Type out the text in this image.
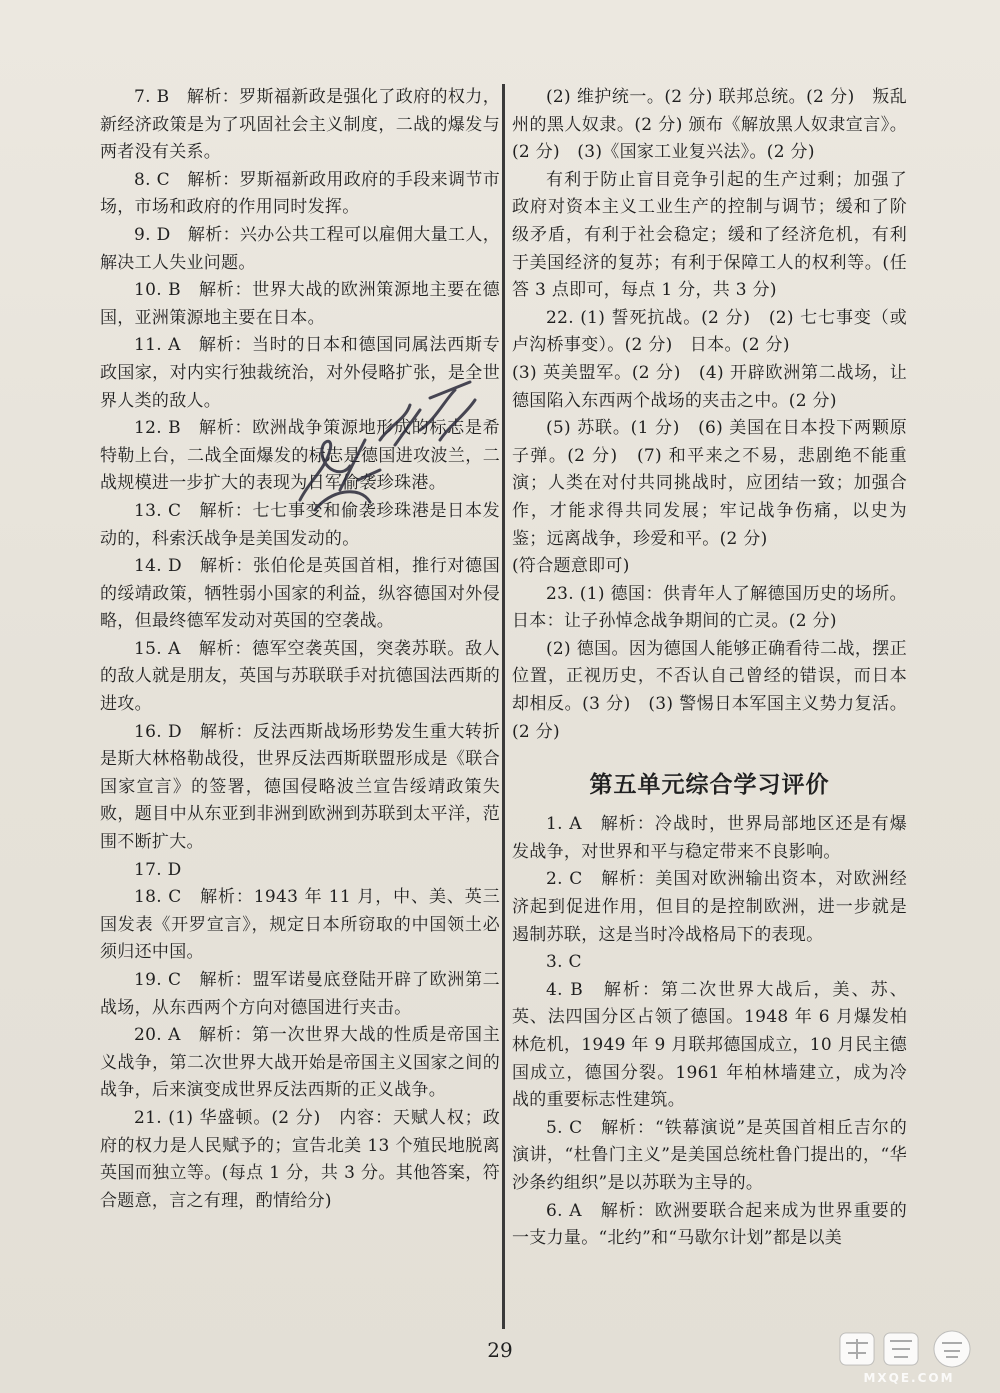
7. B　解析：罗斯福新政是强化了政府的权力，新经济政策是为了巩固社会主义制度，二战的爆发与两者没有关系。

8. C　解析：罗斯福新政用政府的手段来调节市场，市场和政府的作用同时发挥。

9. D　解析：兴办公共工程可以雇佣大量工人，解决工人失业问题。

10. B　解析：世界大战的欧洲策源地主要在德国，亚洲策源地主要在日本。

11. A　解析：当时的日本和德国同属法西斯专政国家，对内实行独裁统治，对外侵略扩张，是全世界人类的敌人。

12. B　解析：欧洲战争策源地形成的标志是希特勒上台，二战全面爆发的标志是德国进攻波兰，二战规模进一步扩大的表现为日军偷袭珍珠港。

13. C　解析：七七事变和偷袭珍珠港是日本发动的，科索沃战争是美国发动的。

14. D　解析：张伯伦是英国首相，推行对德国的绥靖政策，牺牲弱小国家的利益，纵容德国对外侵略，但最终德军发动对英国的空袭战。

15. A　解析：德军空袭英国，突袭苏联。敌人的敌人就是朋友，英国与苏联联手对抗德国法西斯的进攻。

16. D　解析：反法西斯战场形势发生重大转折是斯大林格勒战役，世界反法西斯联盟形成是《联合国家宣言》的签署，德国侵略波兰宣告绥靖政策失败，题目中从东亚到非洲到欧洲到苏联到太平洋，范围不断扩大。

17. D

18. C　解析：1943 年 11 月，中、美、英三国发表《开罗宣言》，规定日本所窃取的中国领土必须归还中国。

19. C　解析：盟军诺曼底登陆开辟了欧洲第二战场，从东西两个方向对德国进行夹击。

20. A　解析：第一次世界大战的性质是帝国主义战争，第二次世界大战开始是帝国主义国家之间的战争，后来演变成世界反法西斯的正义战争。

21. (1) 华盛顿。(2 分)　内容：天赋人权；政府的权力是人民赋予的；宣告北美 13 个殖民地脱离英国而独立等。(每点 1 分，共 3 分。其他答案，符合题意，言之有理，酌情给分)

(2) 维护统一。(2 分) 联邦总统。(2 分)　叛乱州的黑人奴隶。(2 分) 颁布《解放黑人奴隶宣言》。(2 分)　(3)《国家工业复兴法》。(2 分)

有利于防止盲目竞争引起的生产过剩；加强了政府对资本主义工业生产的控制与调节；缓和了阶级矛盾，有利于社会稳定；缓和了经济危机，有利于美国经济的复苏；有利于保障工人的权利等。(任答 3 点即可，每点 1 分，共 3 分)

22. (1) 誓死抗战。(2 分)　(2) 七七事变（或卢沟桥事变）。(2 分)　日本。(2 分)

(3) 英美盟军。(2 分)　(4) 开辟欧洲第二战场，让德国陷入东西两个战场的夹击之中。(2 分)

(5) 苏联。(1 分)　(6) 美国在日本投下两颗原子弹。(2 分)　(7) 和平来之不易，悲剧绝不能重演；人类在对付共同挑战时，应团结一致；加强合作，才能求得共同发展；牢记战争伤痛，以史为鉴；远离战争，珍爱和平。(2 分)

(符合题意即可)

23. (1) 德国：供青年人了解德国历史的场所。日本：让子孙悼念战争期间的亡灵。(2 分)

(2) 德国。因为德国人能够正确看待二战，摆正位置，正视历史，不否认自己曾经的错误，而日本却相反。(3 分)　(3) 警惕日本军国主义势力复活。(2 分)

第五单元综合学习评价

1. A　解析：冷战时，世界局部地区还是有爆发战争，对世界和平与稳定带来不良影响。

2. C　解析：美国对欧洲输出资本，对欧洲经济起到促进作用，但目的是控制欧洲，进一步就是遏制苏联，这是当时冷战格局下的表现。

3. C

4. B　解析：第二次世界大战后，美、苏、英、法四国分区占领了德国。1948 年 6 月爆发柏林危机，1949 年 9 月联邦德国成立，10 月民主德国成立，德国分裂。1961 年柏林墙建立，成为冷战的重要标志性建筑。

5. C　解析：“铁幕演说”是英国首相丘吉尔的演讲，“杜鲁门主义”是美国总统杜鲁门提出的，“华沙条约组织”是以苏联为主导的。

6. A　解析：欧洲要联合起来成为世界重要的一支力量。“北约”和“马歇尔计划”都是以美

29
MXQE.COM
